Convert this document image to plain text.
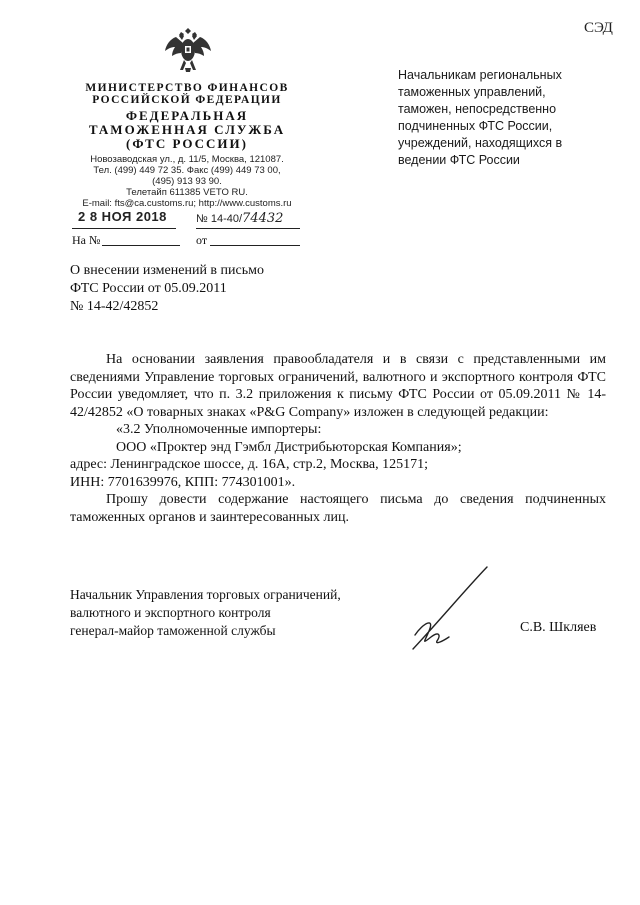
СЭД
МИНИСТЕРСТВО ФИНАНСОВ
РОССИЙСКОЙ ФЕДЕРАЦИИ
ФЕДЕРАЛЬНАЯ
ТАМОЖЕННАЯ СЛУЖБА
(ФТС РОССИИ)
Новозаводская ул., д. 11/5, Москва, 121087.
Тел. (499) 449 72 35. Факс (499) 449 73 00,
(495) 913 93 90.
Телетайп 611385 VETO RU.
E-mail: fts@ca.customs.ru; http://www.customs.ru
2 8 НОЯ 2018	№ 14-40/74432
На №	от
Начальникам региональных
таможенных управлений,
таможен, непосредственно
подчиненных ФТС России,
учреждений, находящихся в
ведении ФТС России
О внесении изменений в письмо
ФТС России от 05.09.2011
№ 14-42/42852

На основании заявления правообладателя и в связи с представленными им сведениями Управление торговых ограничений, валютного и экспортного контроля ФТС России уведомляет, что п. 3.2 приложения к письму ФТС России от 05.09.2011 № 14-42/42852 «О товарных знаках «P&G Company» изложен в следующей редакции:

«3.2 Уполномоченные импортеры:

ООО «Проктер энд Гэмбл Дистрибьюторская Компания»;

адрес: Ленинградское шоссе, д. 16А, стр.2, Москва, 125171;

ИНН: 7701639976, КПП: 774301001».

Прошу довести содержание настоящего письма до сведения подчиненных таможенных органов и заинтересованных лиц.

Начальник Управления торговых ограничений,
валютного и экспортного контроля
генерал-майор таможенной службы	С.В. Шкляев
